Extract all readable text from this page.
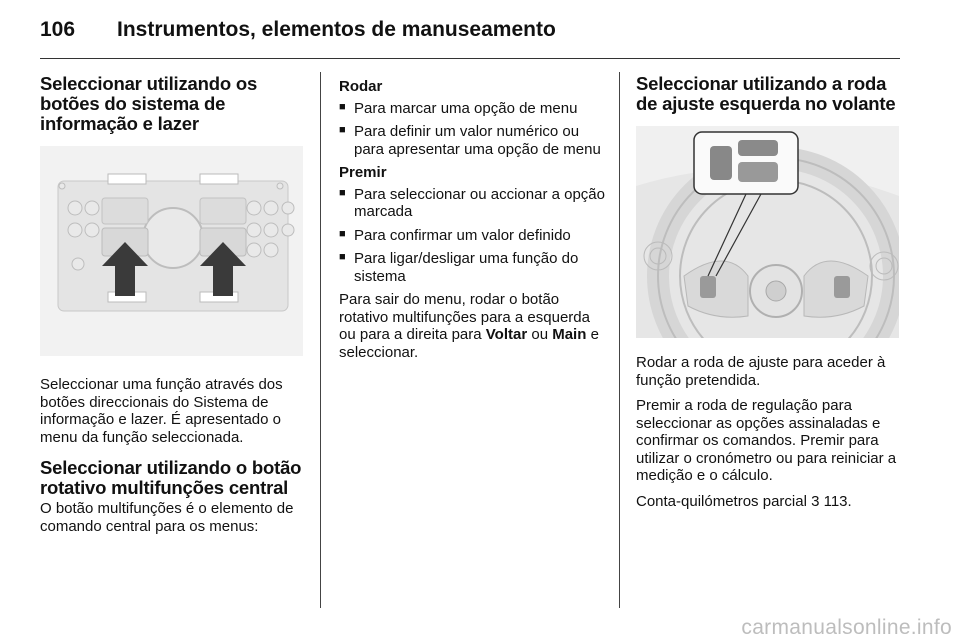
106 Instrumentos, elementos de manuseamento
Seleccionar utilizando os botões do sistema de informação e lazer

Seleccionar uma função através dos botões direccionais do Sistema de informação e lazer. É apresentado o menu da função seleccionada.

Seleccionar utilizando o botão rotativo multifunções central

O botão multifunções é o elemento de comando central para os menus:

Rodar
■ Para marcar uma opção de menu
■ Para definir um valor numérico ou para apresentar uma opção de menu
Premir
■ Para seleccionar ou accionar a opção marcada
■ Para confirmar um valor definido
■ Para ligar/desligar uma função do sistema

Para sair do menu, rodar o botão rotativo multifunções para a esquerda ou para a direita para Voltar ou Main e seleccionar.

Seleccionar utilizando a roda de ajuste esquerda no volante

Rodar a roda de ajuste para aceder à função pretendida.

Premir a roda de regulação para seleccionar as opções assinaladas e confirmar os comandos. Premir para utilizar o cronómetro ou para reiniciar a medição e o cálculo.

Conta-quilómetros parcial 3 113.

carmanualsonline.info
